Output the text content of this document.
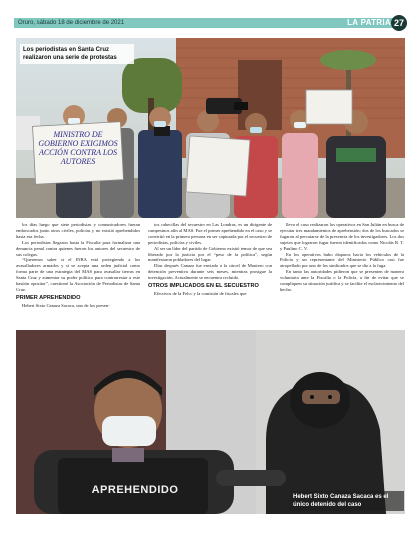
Oruro, sábado 18 de diciembre de 2021	LA PATRIA 27
MINISTRO DE GOBIERNO EXIGIMOS ACCIÓN CONTRA LOS AUTORES
Los periodistas en Santa Cruz realizaron una serie de protestas

los días luego que siete periodistas y comunicadores fueran emboscados junto otros civiles, policías y no existió aprehendidos hasta esa fecha.

Los periodistas llegaron hasta la Fiscalía para formalizar una denuncia penal contra quienes fueron los autores del secuestro de sus colegas.

“Queremos saber si el INRA está protegiendo a los avasalladores armados y si se acepta una orden judicial como forma parte de una estrategia del MAS para avasallar tierras en Santa Cruz y aumentar su poder político para contrarrestar a este bastión opositor”, cuestionó la Asociación de Periodistas de Santa Cruz.

PRIMER APREHENDIDO

Hebert Sixto Canaza Sacaca, uno de los presen-

tos cabecillas del secuestro en Las Londras, es un dirigente de campesinos afín al MAS. Fue el primer aprehendido en el caso y se convirtió en la primera persona en ser capturada por el secuestro de periodistas, policías y civiles.

Al ser un líder del partido de Gobierno existió temor de que sea liberado por la justicia por el “peso de la política”, según manifestaron pobladores del lugar.

Días después Canaza fue enviado a la cárcel de Montero con detención preventiva durante seis meses, mientras prosigue la investigación. Actualmente se encuentra recluido.

OTROS IMPLICADOS EN EL SECUESTRO

Efectivos de la Felcc y la comisión de fiscales que

lleva el caso realizaron los operativos en San Julián en busca de ejecutar tres mandamientos de aprehensión; dos de los buscados se fugaron al percatarse de la presencia de los investigadores. Los dos sujetos que lograron fugar fueron identificados como Nicolás R. T. y Paulino C. V.

En los operativos hubo disparos hacia los vehículos de la Policía y un representante del Ministerio Público casi fue atropellado por uno de los sindicados que se dio a la fuga.

En tanto las autoridades pidieron que se presenten de manera voluntaria ante la Fiscalía o la Policía, a fin de evitar que se compliquen su situación jurídica y se facilite el esclarecimiento del hecho.

APREHENDIDO
Hebert Sixto Canaza Sacaca es el único detenido del caso
